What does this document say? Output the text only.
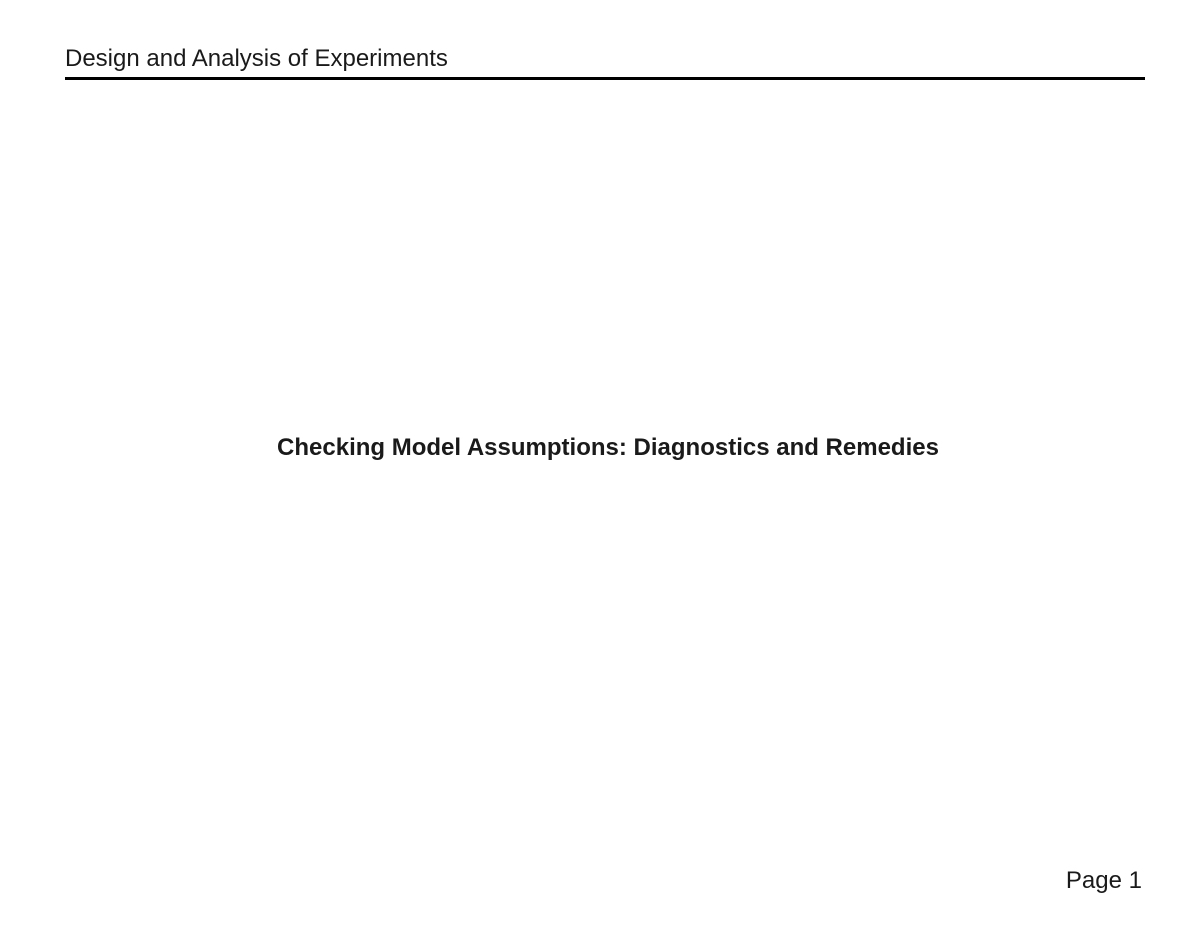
Design and Analysis of Experiments
Checking Model Assumptions: Diagnostics and Remedies
Page 1
